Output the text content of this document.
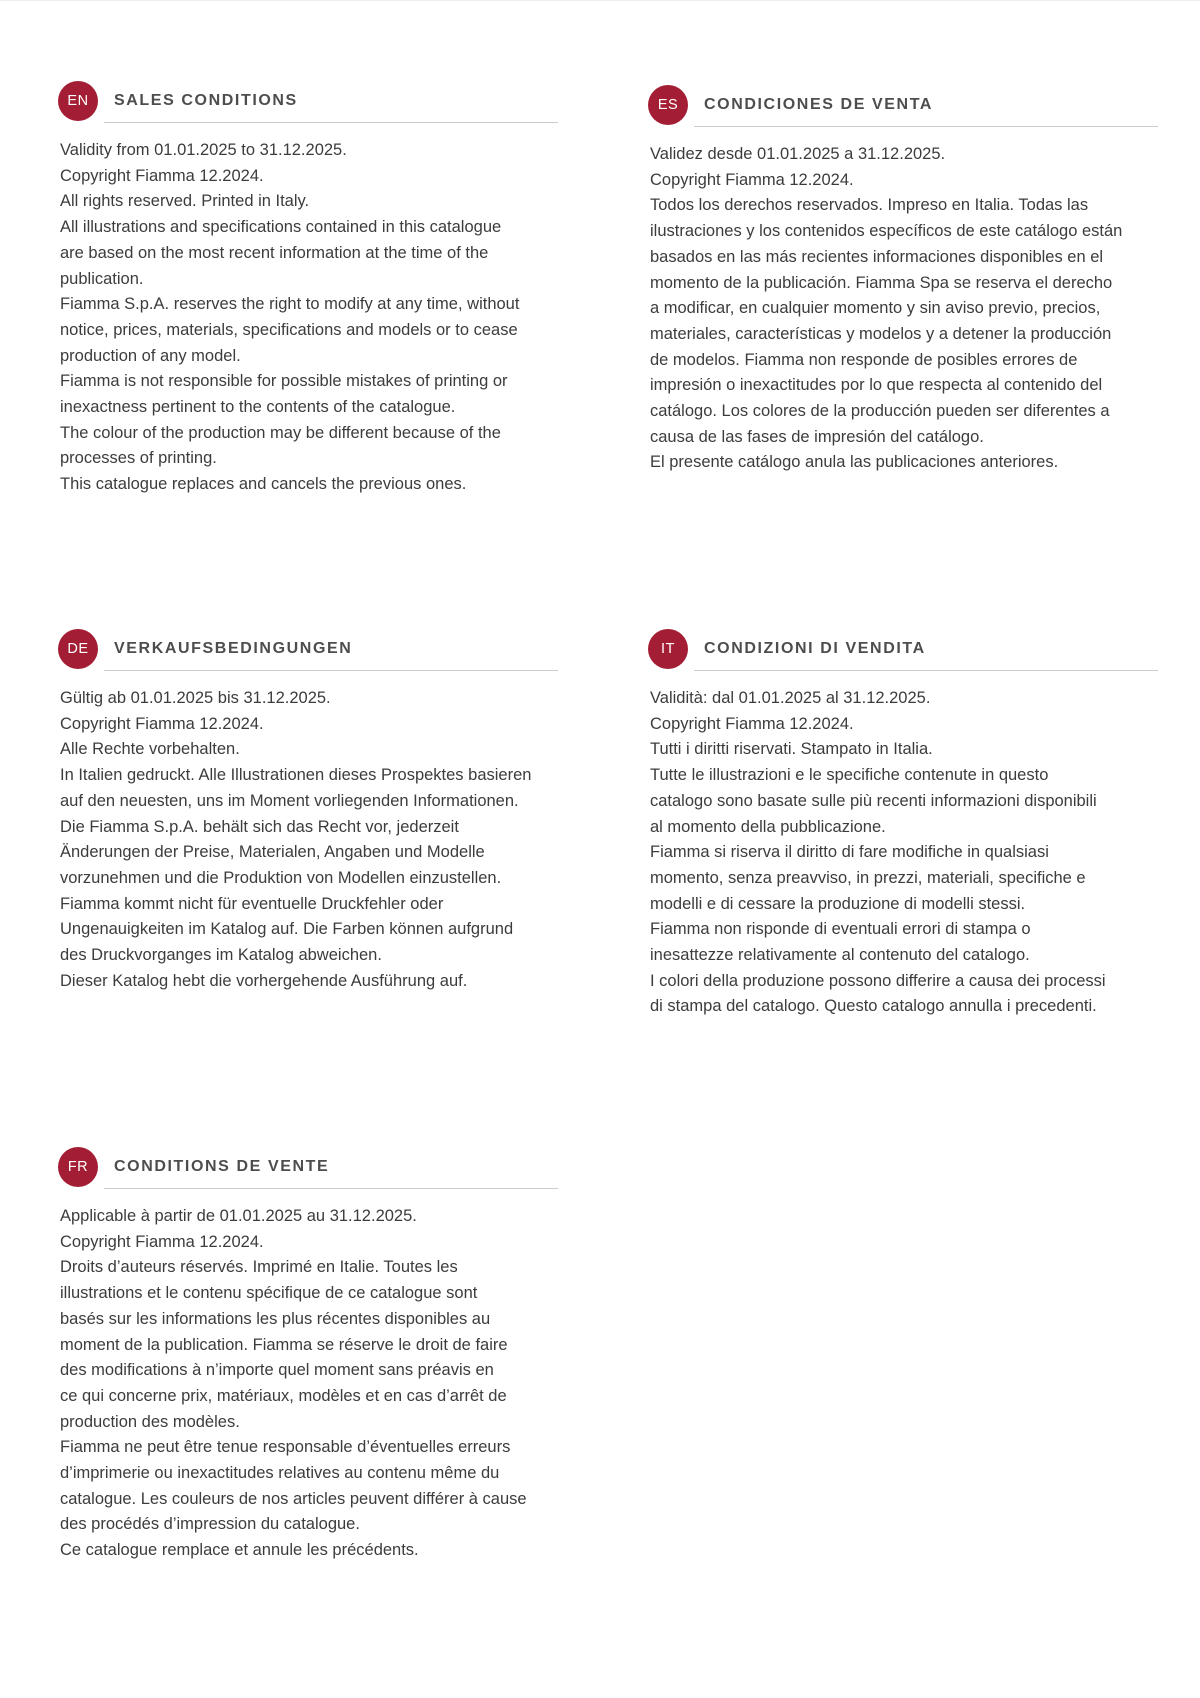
EN	SALES CONDITIONS
Validity from 01.01.2025 to 31.12.2025.
Copyright Fiamma 12.2024.
All rights reserved. Printed in Italy.
All illustrations and specifications contained in this catalogue
are based on the most recent information at the time of the
publication.
Fiamma S.p.A. reserves the right to modify at any time, without
notice, prices, materials, specifications and models or to cease
production of any model.
Fiamma is not responsible for possible mistakes of printing or
inexactness pertinent to the contents of the catalogue.
The colour of the production may be different because of the
processes of printing.
This catalogue replaces and cancels the previous ones.
ES	CONDICIONES DE VENTA
Validez desde 01.01.2025 a 31.12.2025.
Copyright Fiamma 12.2024.
Todos los derechos reservados. Impreso en Italia. Todas las
ilustraciones y los contenidos específicos de este catálogo están
basados en las más recientes informaciones disponibles en el
momento de la publicación. Fiamma Spa se reserva el derecho
a modificar, en cualquier momento y sin aviso previo, precios,
materiales, características y modelos y a detener la producción
de modelos. Fiamma non responde de posibles errores de
impresión o inexactitudes por lo que respecta al contenido del
catálogo. Los colores de la producción pueden ser diferentes a
causa de las fases de impresión del catálogo.
El presente catálogo anula las publicaciones anteriores.
DE	VERKAUFSBEDINGUNGEN
Gültig ab 01.01.2025 bis 31.12.2025.
Copyright Fiamma 12.2024.
Alle Rechte vorbehalten.
In Italien gedruckt. Alle Illustrationen dieses Prospektes basieren
auf den neuesten, uns im Moment vorliegenden Informationen.
Die Fiamma S.p.A. behält sich das Recht vor, jederzeit
Änderungen der Preise, Materialen, Angaben und Modelle
vorzunehmen und die Produktion von Modellen einzustellen.
Fiamma kommt nicht für eventuelle Druckfehler oder
Ungenauigkeiten im Katalog auf. Die Farben können aufgrund
des Druckvorganges im Katalog abweichen.
Dieser Katalog hebt die vorhergehende Ausführung auf.
IT	CONDIZIONI DI VENDITA
Validità: dal 01.01.2025 al 31.12.2025.
Copyright Fiamma 12.2024.
Tutti i diritti riservati. Stampato in Italia.
Tutte le illustrazioni e le specifiche contenute in questo
catalogo sono basate sulle più recenti informazioni disponibili
al momento della pubblicazione.
Fiamma si riserva il diritto di fare modifiche in qualsiasi
momento, senza preavviso, in prezzi, materiali, specifiche e
modelli e di cessare la produzione di modelli stessi.
Fiamma non risponde di eventuali errori di stampa o
inesattezze relativamente al contenuto del catalogo.
I colori della produzione possono differire a causa dei processi
di stampa del catalogo. Questo catalogo annulla i precedenti.
FR	CONDITIONS DE VENTE
Applicable à partir de 01.01.2025 au 31.12.2025.
Copyright Fiamma 12.2024.
Droits d’auteurs réservés. Imprimé en Italie. Toutes les
illustrations et le contenu spécifique de ce catalogue sont
basés sur les informations les plus récentes disponibles au
moment de la publication. Fiamma se réserve le droit de faire
des modifications à n’importe quel moment sans préavis en
ce qui concerne prix, matériaux, modèles et en cas d’arrêt de
production des modèles.
Fiamma ne peut être tenue responsable d’éventuelles erreurs
d’imprimerie ou inexactitudes relatives au contenu même du
catalogue. Les couleurs de nos articles peuvent différer à cause
des procédés d’impression du catalogue.
Ce catalogue remplace et annule les précédents.
